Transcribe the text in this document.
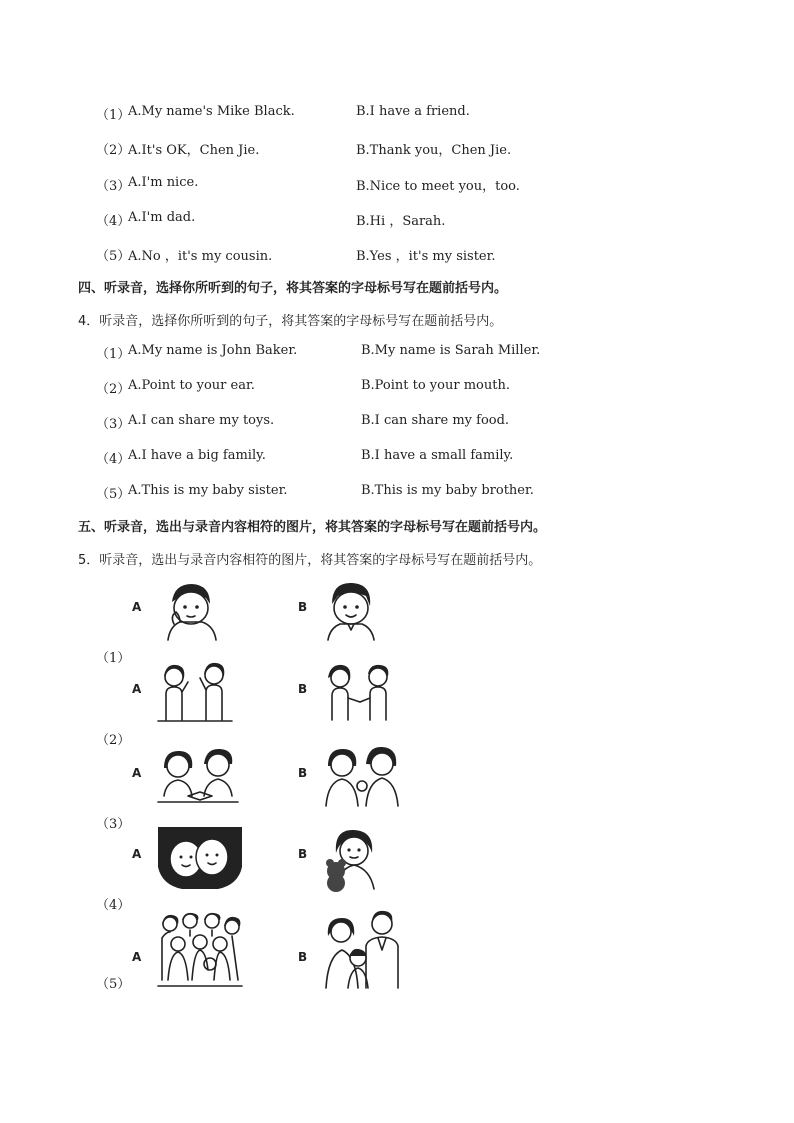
（1）
A.My name's Mike Black.	B.I have a friend.
（2）
A.It's OK，Chen Jie.	B.Thank you，Chen Jie.
（3）
A.I'm nice.	B.Nice to meet you，too.
（4）
A.I'm dad.	B.Hi ，Sarah.
（5）
A.No ，it's my cousin.	B.Yes ，it's my sister.
四、听录音，选择你所听到的句子，将其答案的字母标号写在题前括号内。
4．听录音，选择你所听到的句子，将其答案的字母标号写在题前括号内。
（1）
A.My name is John Baker.	B.My name is Sarah Miller.
（2）
A.Point to your ear.	B.Point to your mouth.
（3）
A.I can share my toys.	B.I can share my food.
（4）
A.I have a big family.	B.I have a small family.
（5）
A.This is my baby sister.	B.This is my baby brother.
五、听录音，选出与录音内容相符的图片，将其答案的字母标号写在题前括号内。
5．听录音，选出与录音内容相符的图片，将其答案的字母标号写在题前括号内。
（1）
A	B
（2）
A	B
（3）
A	B
（4）
A	B
（5）
A	B
